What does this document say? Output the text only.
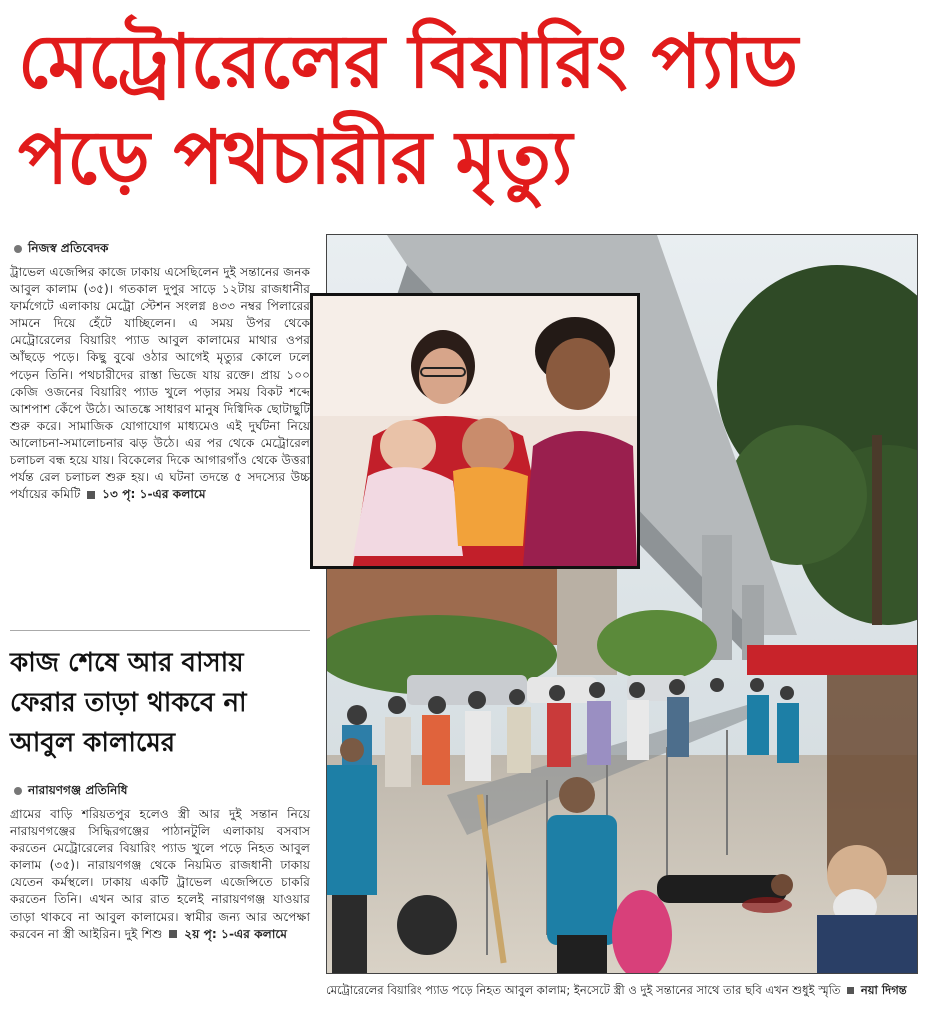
মেট্রোরেলের বিয়ারিং প্যাড
পড়ে পথচারীর মৃত্যু
নিজস্ব প্রতিবেদক
ট্রাভেল এজেন্সির কাজে ঢাকায় এসেছিলেন দুই সন্তানের জনক আবুল কালাম (৩৫)। গতকাল দুপুর সাড়ে ১২টায় রাজধানীর ফার্মগেটে এলাকায় মেট্রো স্টেশন সংলগ্ন ৪৩৩ নম্বর পিলারের সামনে দিয়ে হেঁটে যাচ্ছিলেন। এ সময় উপর থেকে মেট্রোরেলের বিয়ারিং প্যাড আবুল কালামের মাথার ওপর আঁছড়ে পড়ে। কিছু বুঝে ওঠার আগেই মৃত্যুর কোলে ঢলে পড়েন তিনি। পথচারীদের রাস্তা ভিজে যায় রক্তে। প্রায় ১০০ কেজি ওজনের বিয়ারিং প্যাড খুলে পড়ার সময় বিকট শব্দে আশপাশ কেঁপে উঠে। আতঙ্কে সাধারণ মানুষ দিগ্বিদিক ছোটাছুটি শুরু করে। সামাজিক যোগাযোগ মাধ্যমেও এই দুর্ঘটনা নিয়ে আলোচনা-সমালোচনার ঝড় উঠে। এর পর থেকে মেট্রোরেল চলাচল বন্ধ হয়ে যায়। বিকেলের দিকে আগারগাঁও থেকে উত্তরা পর্যন্ত রেল চলাচল শুরু হয়। এ ঘটনা তদন্তে ৫ সদস্যের উচ্চ পর্যায়ের কমিটি ১৩ পৃ: ১-এর কলামে
কাজ শেষে আর বাসায় ফেরার তাড়া থাকবে না আবুল কালামের
নারায়ণগঞ্জ প্রতিনিধি
গ্রামের বাড়ি শরিয়তপুর হলেও স্ত্রী আর দুই সন্তান নিয়ে নারায়ণগঞ্জের সিদ্ধিরগঞ্জের পাঠানটুলি এলাকায় বসবাস করতেন মেট্রোরেলের বিয়ারিং প্যাড খুলে পড়ে নিহত আবুল কালাম (৩৫)। নারায়ণগঞ্জ থেকে নিয়মিত রাজধানী ঢাকায় যেতেন কর্মস্থলে। ঢাকায় একটি ট্রাভেল এজেন্সিতে চাকরি করতেন তিনি। এখন আর রাত হলেই নারায়ণগঞ্জ যাওয়ার তাড়া থাকবে না আবুল কালামের। স্বামীর জন্য আর অপেক্ষা করবেন না স্ত্রী আইরিন। দুই শিশু ২য় পৃ: ১-এর কলামে
মেট্রোরেলের বিয়ারিং প্যাড পড়ে নিহত আবুল কালাম; ইনসেটে স্ত্রী ও দুই সন্তানের সাথে তার ছবি এখন শুধুই স্মৃতি নয়া দিগন্ত
